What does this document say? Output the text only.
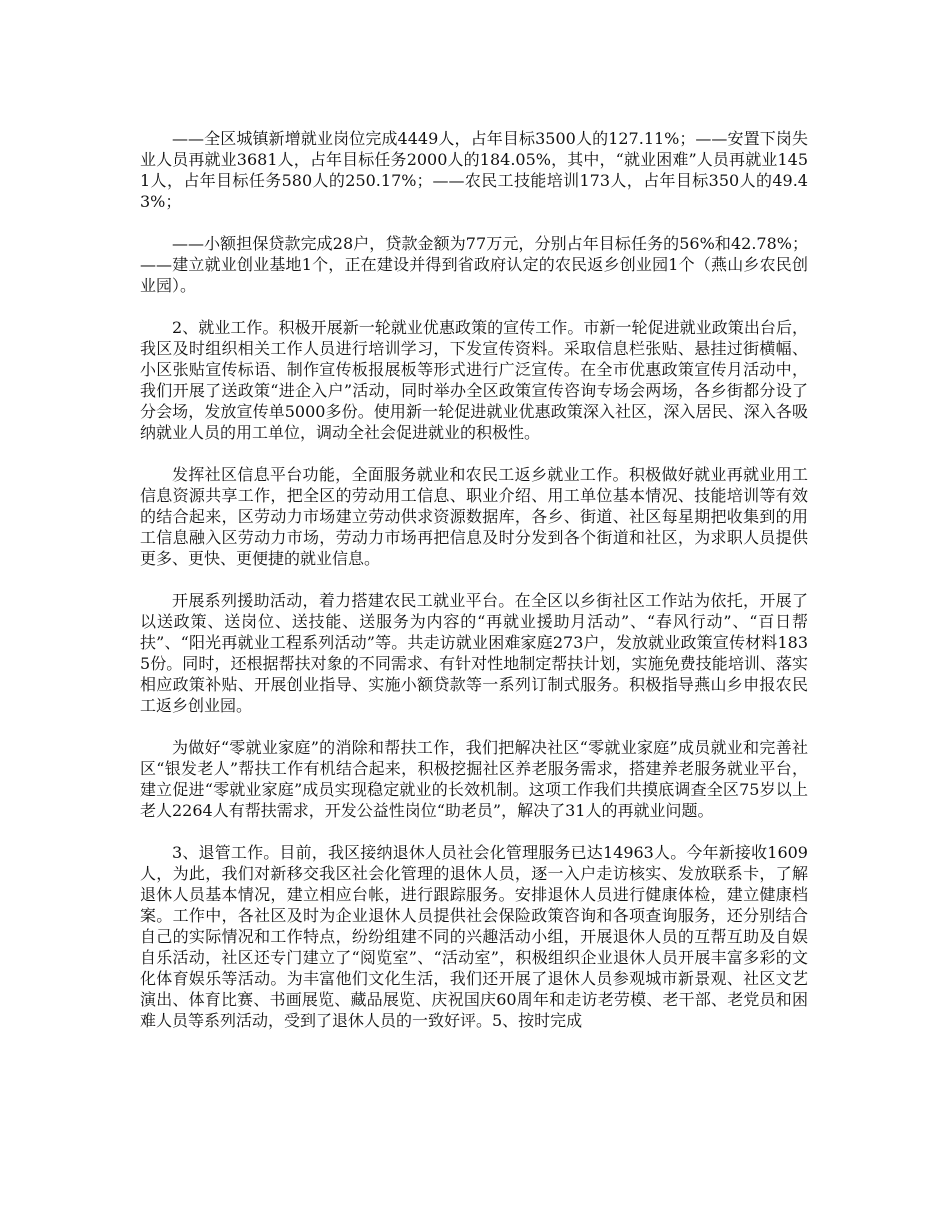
——全区城镇新增就业岗位完成4449人，占年目标3500人的127.11%；——安置下岗失业人员再就业3681人，占年目标任务2000人的184.05%，其中，“就业困难”人员再就业1451人，占年目标任务580人的250.17%；——农民工技能培训173人，占年目标350人的49.43%；

——小额担保贷款完成28户，贷款金额为77万元，分别占年目标任务的56%和42.78%；——建立就业创业基地1个，正在建设并得到省政府认定的农民返乡创业园1个（燕山乡农民创业园）。

2、就业工作。积极开展新一轮就业优惠政策的宣传工作。市新一轮促进就业政策出台后，我区及时组织相关工作人员进行培训学习，下发宣传资料。采取信息栏张贴、悬挂过街横幅、小区张贴宣传标语、制作宣传板报展板等形式进行广泛宣传。在全市优惠政策宣传月活动中，我们开展了送政策“进企入户”活动，同时举办全区政策宣传咨询专场会两场，各乡街都分设了分会场，发放宣传单5000多份。使用新一轮促进就业优惠政策深入社区，深入居民、深入各吸纳就业人员的用工单位，调动全社会促进就业的积极性。

发挥社区信息平台功能，全面服务就业和农民工返乡就业工作。积极做好就业再就业用工信息资源共享工作，把全区的劳动用工信息、职业介绍、用工单位基本情况、技能培训等有效的结合起来，区劳动力市场建立劳动供求资源数据库，各乡、街道、社区每星期把收集到的用工信息融入区劳动力市场，劳动力市场再把信息及时分发到各个街道和社区，为求职人员提供更多、更快、更便捷的就业信息。

开展系列援助活动，着力搭建农民工就业平台。在全区以乡街社区工作站为依托，开展了以送政策、送岗位、送技能、送服务为内容的“再就业援助月活动”、“春风行动”、“百日帮扶”、“阳光再就业工程系列活动”等。共走访就业困难家庭273户，发放就业政策宣传材料1835份。同时，还根据帮扶对象的不同需求、有针对性地制定帮扶计划，实施免费技能培训、落实相应政策补贴、开展创业指导、实施小额贷款等一系列订制式服务。积极指导燕山乡申报农民工返乡创业园。

为做好“零就业家庭”的消除和帮扶工作，我们把解决社区“零就业家庭”成员就业和完善社区“银发老人”帮扶工作有机结合起来，积极挖掘社区养老服务需求，搭建养老服务就业平台，建立促进“零就业家庭”成员实现稳定就业的长效机制。这项工作我们共摸底调查全区75岁以上老人2264人有帮扶需求，开发公益性岗位“助老员”，解决了31人的再就业问题。

3、退管工作。目前，我区接纳退休人员社会化管理服务已达14963人。今年新接收1609人，为此，我们对新移交我区社会化管理的退休人员，逐一入户走访核实、发放联系卡，了解退休人员基本情况，建立相应台帐，进行跟踪服务。安排退休人员进行健康体检，建立健康档案。工作中，各社区及时为企业退休人员提供社会保险政策咨询和各项查询服务，还分别结合自己的实际情况和工作特点，纷纷组建不同的兴趣活动小组，开展退休人员的互帮互助及自娱自乐活动，社区还专门建立了“阅览室”、“活动室”，积极组织企业退休人员开展丰富多彩的文化体育娱乐等活动。为丰富他们文化生活，我们还开展了退休人员参观城市新景观、社区文艺演出、体育比赛、书画展览、藏品展览、庆祝国庆60周年和走访老劳模、老干部、老党员和困难人员等系列活动，受到了退休人员的一致好评。5、按时完成
